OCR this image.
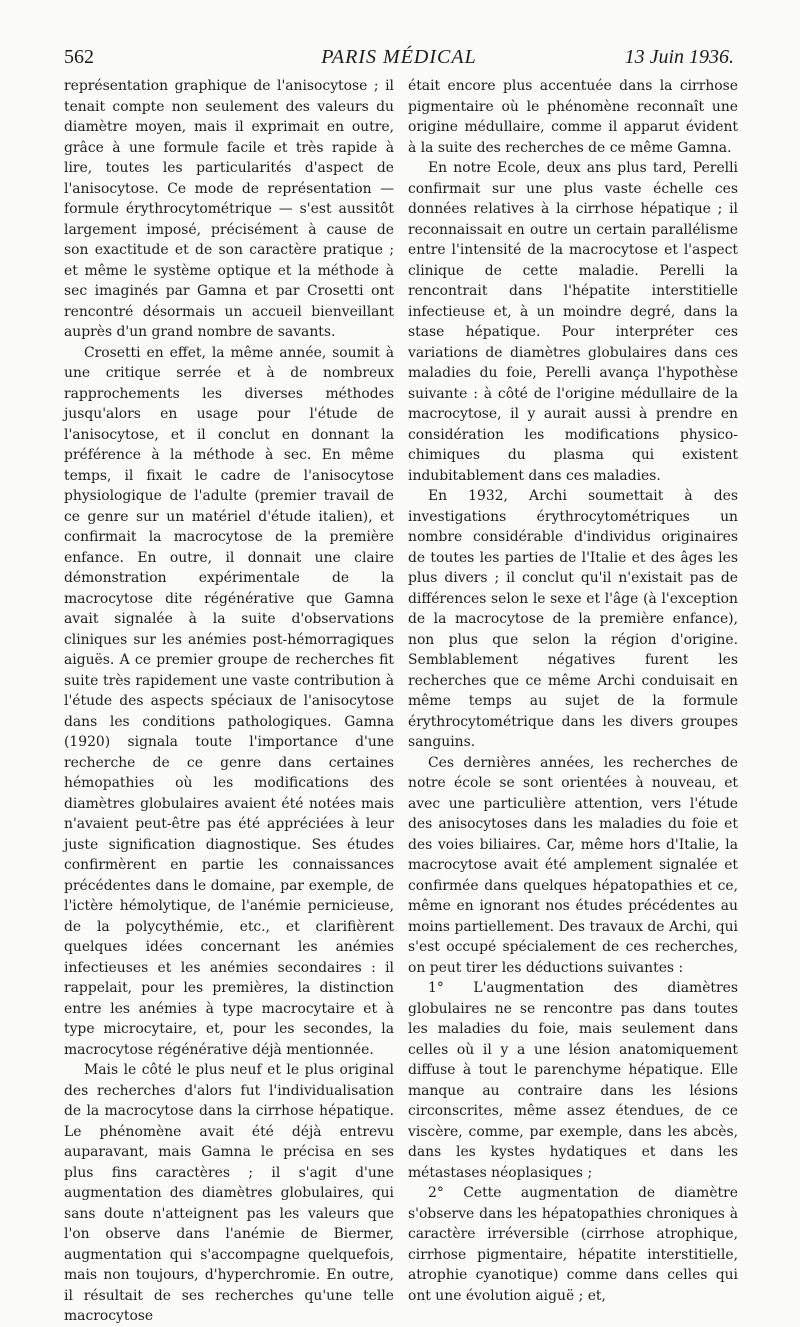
562	PARIS MÉDICAL	13 Juin 1936.

représentation graphique de l'anisocytose ; il tenait compte non seulement des valeurs du diamètre moyen, mais il exprimait en outre, grâce à une formule facile et très rapide à lire, toutes les particularités d'aspect de l'anisocytose. Ce mode de représentation — formule érythrocytométrique — s'est aussitôt largement imposé, précisément à cause de son exactitude et de son caractère pratique ; et même le système optique et la méthode à sec imaginés par Gamna et par Crosetti ont rencontré désormais un accueil bienveillant auprès d'un grand nombre de savants.

Crosetti en effet, la même année, soumit à une critique serrée et à de nombreux rapprochements les diverses méthodes jusqu'alors en usage pour l'étude de l'anisocytose, et il conclut en donnant la préférence à la méthode à sec. En même temps, il fixait le cadre de l'anisocytose physiologique de l'adulte (premier travail de ce genre sur un matériel d'étude italien), et confirmait la macrocytose de la première enfance. En outre, il donnait une claire démonstration expérimentale de la macrocytose dite régénérative que Gamna avait signalée à la suite d'observations cliniques sur les anémies post-hémorragiques aiguës. A ce premier groupe de recherches fit suite très rapidement une vaste contribution à l'étude des aspects spéciaux de l'anisocytose dans les conditions pathologiques. Gamna (1920) signala toute l'importance d'une recherche de ce genre dans certaines hémopathies où les modifications des diamètres globulaires avaient été notées mais n'avaient peut-être pas été appréciées à leur juste signification diagnostique. Ses études confirmèrent en partie les connaissances précédentes dans le domaine, par exemple, de l'ictère hémolytique, de l'anémie pernicieuse, de la polycythémie, etc., et clarifièrent quelques idées concernant les anémies infectieuses et les anémies secondaires : il rappelait, pour les premières, la distinction entre les anémies à type macrocytaire et à type microcytaire, et, pour les secondes, la macrocytose régénérative déjà mentionnée.

Mais le côté le plus neuf et le plus original des recherches d'alors fut l'individualisation de la macrocytose dans la cirrhose hépatique. Le phénomène avait été déjà entrevu auparavant, mais Gamna le précisa en ses plus fins caractères ; il s'agit d'une augmentation des diamètres globulaires, qui sans doute n'atteignent pas les valeurs que l'on observe dans l'anémie de Biermer, augmentation qui s'accompagne quelquefois, mais non toujours, d'hyperchromie. En outre, il résultait de ses recherches qu'une telle macrocytose

était encore plus accentuée dans la cirrhose pigmentaire où le phénomène reconnaît une origine médullaire, comme il apparut évident à la suite des recherches de ce même Gamna.

En notre Ecole, deux ans plus tard, Perelli confirmait sur une plus vaste échelle ces données relatives à la cirrhose hépatique ; il reconnaissait en outre un certain parallélisme entre l'intensité de la macrocytose et l'aspect clinique de cette maladie. Perelli la rencontrait dans l'hépatite interstitielle infectieuse et, à un moindre degré, dans la stase hépatique. Pour interpréter ces variations de diamètres globulaires dans ces maladies du foie, Perelli avança l'hypothèse suivante : à côté de l'origine médullaire de la macrocytose, il y aurait aussi à prendre en considération les modifications physico-chimiques du plasma qui existent indubitablement dans ces maladies.

En 1932, Archi soumettait à des investigations érythrocytométriques un nombre considérable d'individus originaires de toutes les parties de l'Italie et des âges les plus divers ; il conclut qu'il n'existait pas de différences selon le sexe et l'âge (à l'exception de la macrocytose de la première enfance), non plus que selon la région d'origine. Semblablement négatives furent les recherches que ce même Archi conduisait en même temps au sujet de la formule érythrocytométrique dans les divers groupes sanguins.

Ces dernières années, les recherches de notre école se sont orientées à nouveau, et avec une particulière attention, vers l'étude des anisocytoses dans les maladies du foie et des voies biliaires. Car, même hors d'Italie, la macrocytose avait été amplement signalée et confirmée dans quelques hépatopathies et ce, même en ignorant nos études précédentes au moins partiellement. Des travaux de Archi, qui s'est occupé spécialement de ces recherches, on peut tirer les déductions suivantes :

1° L'augmentation des diamètres globulaires ne se rencontre pas dans toutes les maladies du foie, mais seulement dans celles où il y a une lésion anatomiquement diffuse à tout le parenchyme hépatique. Elle manque au contraire dans les lésions circonscrites, même assez étendues, de ce viscère, comme, par exemple, dans les abcès, dans les kystes hydatiques et dans les métastases néoplasiques ;

2° Cette augmentation de diamètre s'observe dans les hépatopathies chroniques à caractère irréversible (cirrhose atrophique, cirrhose pigmentaire, hépatite interstitielle, atrophie cyanotique) comme dans celles qui ont une évolution aiguë ; et,
